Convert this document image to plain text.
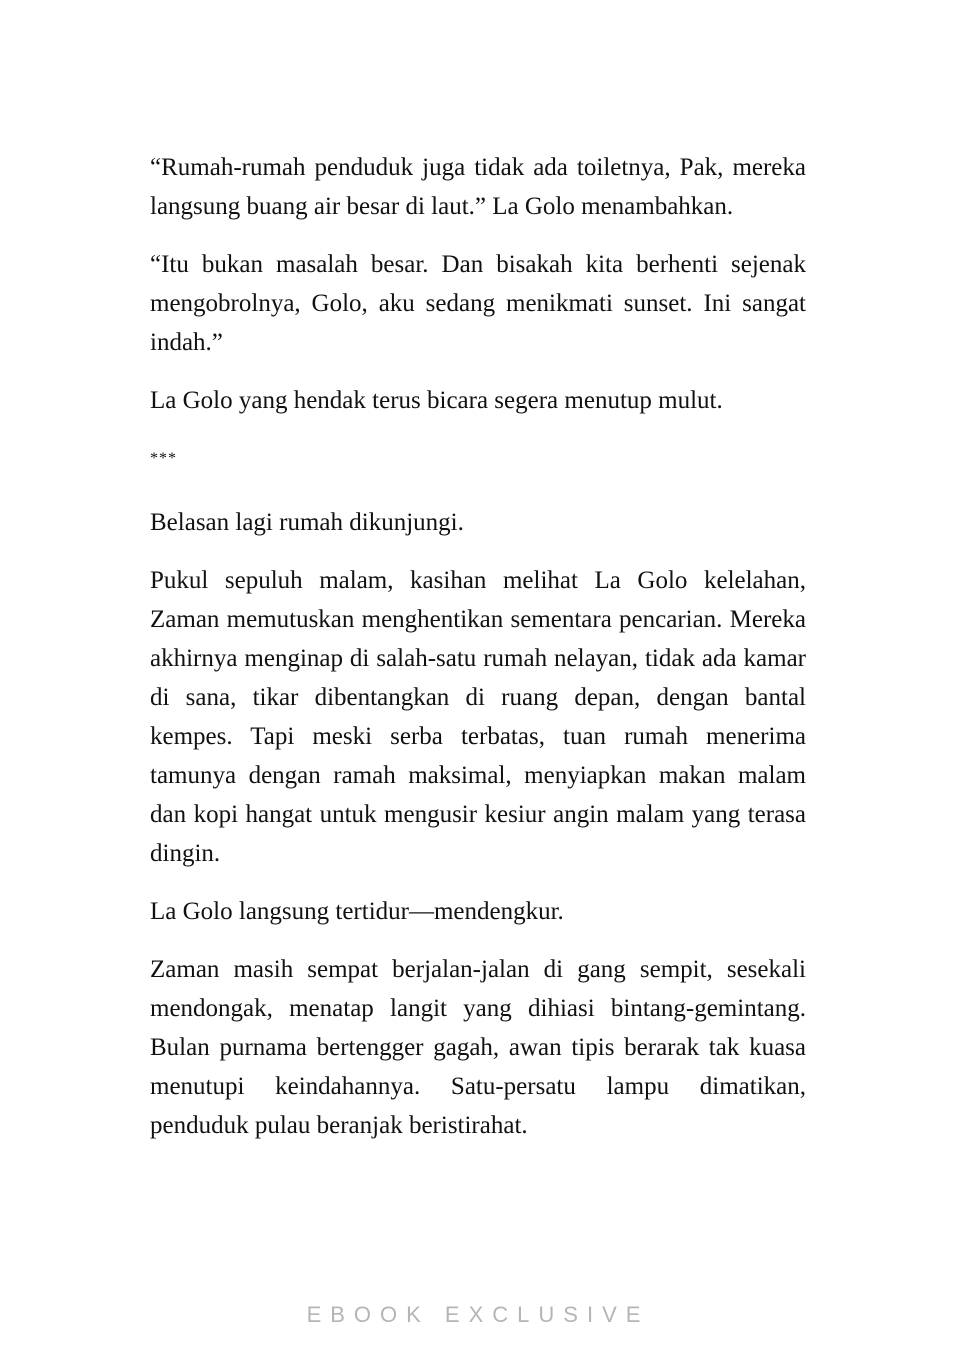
“Rumah-rumah penduduk juga tidak ada toiletnya, Pak, mereka langsung buang air besar di laut.” La Golo menambahkan.

“Itu bukan masalah besar. Dan bisakah kita berhenti sejenak mengobrolnya, Golo, aku sedang menikmati sunset. Ini sangat indah.”

La Golo yang hendak terus bicara segera menutup mulut.

***

Belasan lagi rumah dikunjungi.

Pukul sepuluh malam, kasihan melihat La Golo kelelahan, Zaman memutuskan menghentikan sementara pencarian. Mereka akhirnya menginap di salah-satu rumah nelayan, tidak ada kamar di sana, tikar dibentangkan di ruang depan, dengan bantal kempes. Tapi meski serba terbatas, tuan rumah menerima tamunya dengan ramah maksimal, menyiapkan makan malam dan kopi hangat untuk mengusir kesiur angin malam yang terasa dingin.

La Golo langsung tertidur—mendengkur.

Zaman masih sempat berjalan-jalan di gang sempit, sesekali mendongak, menatap langit yang dihiasi bintang-gemintang. Bulan purnama bertengger gagah, awan tipis berarak tak kuasa menutupi keindahannya. Satu-persatu lampu dimatikan, penduduk pulau beranjak beristirahat.

EBOOK EXCLUSIVE
